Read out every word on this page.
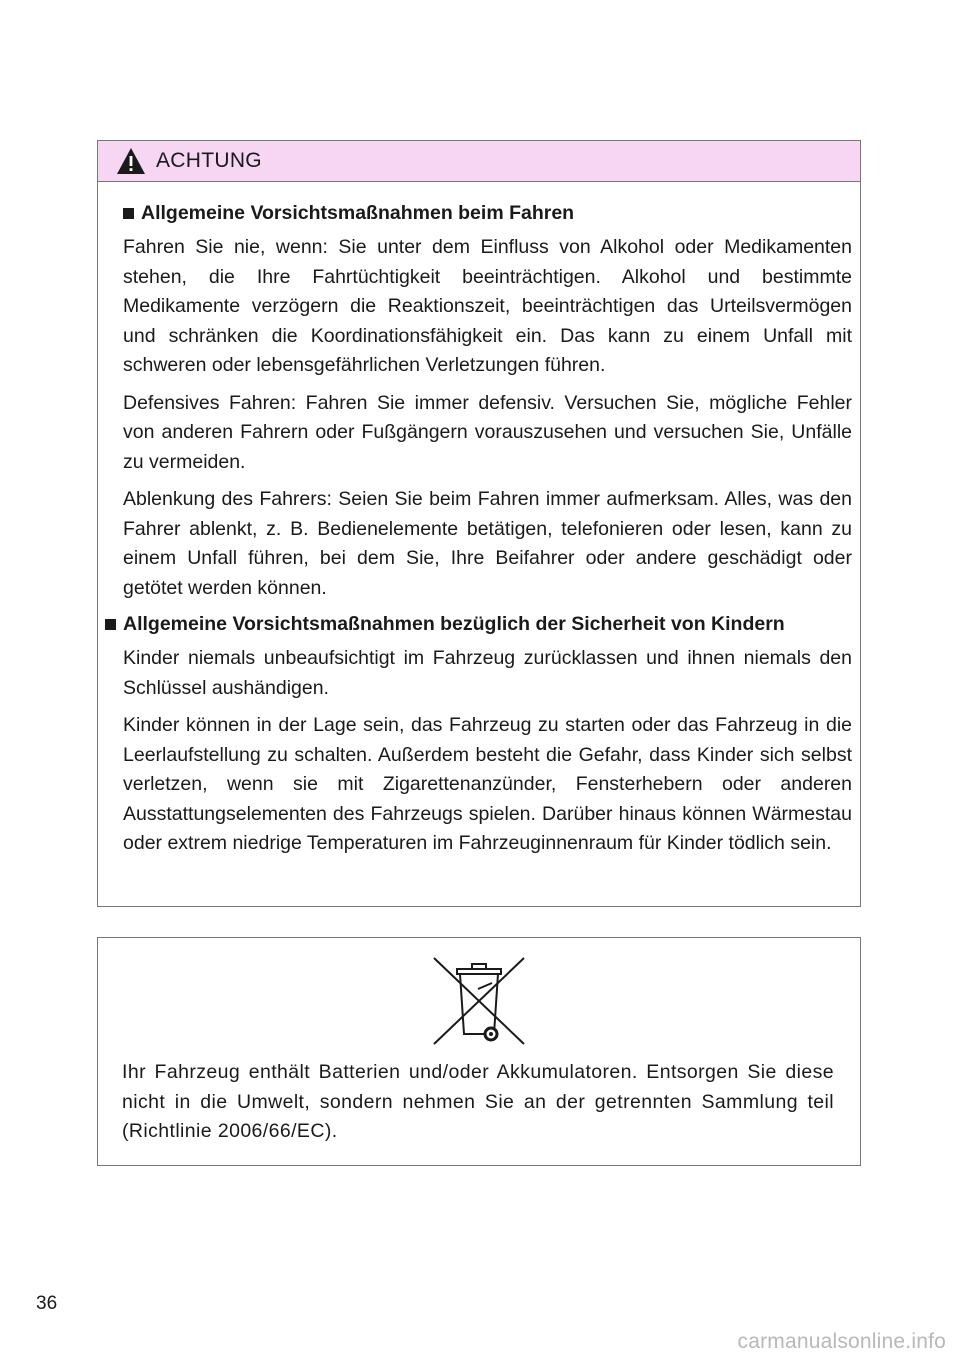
ACHTUNG
Allgemeine Vorsichtsmaßnahmen beim Fahren

Fahren Sie nie, wenn: Sie unter dem Einfluss von Alkohol oder Medikamenten stehen, die Ihre Fahrtüchtigkeit beeinträchtigen. Alkohol und bestimmte Medikamente verzögern die Reaktionszeit, beeinträchtigen das Urteilsvermögen und schränken die Koordinationsfähigkeit ein. Das kann zu einem Unfall mit schweren oder lebensgefährlichen Verletzungen führen.

Defensives Fahren: Fahren Sie immer defensiv. Versuchen Sie, mögliche Fehler von anderen Fahrern oder Fußgängern vorauszusehen und versuchen Sie, Unfälle zu vermeiden.

Ablenkung des Fahrers: Seien Sie beim Fahren immer aufmerksam. Alles, was den Fahrer ablenkt, z. B. Bedienelemente betätigen, telefonieren oder lesen, kann zu einem Unfall führen, bei dem Sie, Ihre Beifahrer oder andere geschädigt oder getötet werden können.

Allgemeine Vorsichtsmaßnahmen bezüglich der Sicherheit von Kindern

Kinder niemals unbeaufsichtigt im Fahrzeug zurücklassen und ihnen niemals den Schlüssel aushändigen.

Kinder können in der Lage sein, das Fahrzeug zu starten oder das Fahrzeug in die Leerlaufstellung zu schalten. Außerdem besteht die Gefahr, dass Kinder sich selbst verletzen, wenn sie mit Zigarettenanzünder, Fensterhebern oder anderen Ausstattungselementen des Fahrzeugs spielen. Darüber hinaus können Wärmestau oder extrem niedrige Temperaturen im Fahrzeuginnenraum für Kinder tödlich sein.

Ihr Fahrzeug enthält Batterien und/oder Akkumulatoren. Entsorgen Sie diese nicht in die Umwelt, sondern nehmen Sie an der getrennten Sammlung teil (Richtlinie 2006/66/EC).
36
carmanualsonline.info
